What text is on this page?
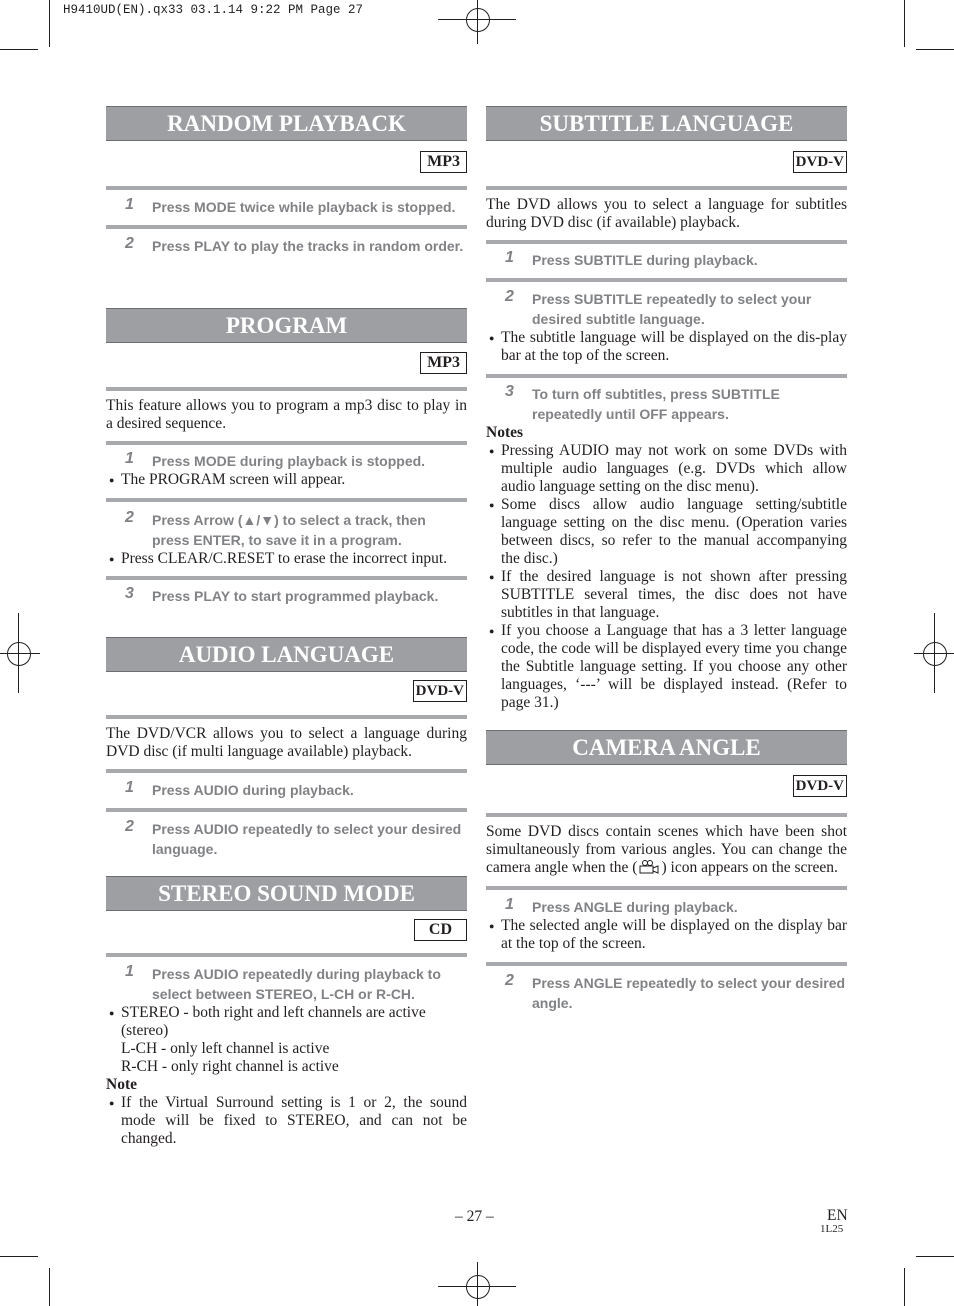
H9410UD(EN).qx33 03.1.14 9:22 PM Page 27
RANDOM PLAYBACK
MP3
1 Press MODE twice while playback is stopped.
2 Press PLAY to play the tracks in random order.
PROGRAM
MP3
This feature allows you to program a mp3 disc to play in a desired sequence.
1 Press MODE during playback is stopped.
● The PROGRAM screen will appear.
2 Press Arrow (▲/▼) to select a track, then press ENTER, to save it in a program.
● Press CLEAR/C.RESET to erase the incorrect input.
3 Press PLAY to start programmed playback.
AUDIO LANGUAGE
DVD-V
The DVD/VCR allows you to select a language during DVD disc (if multi language available) playback.
1 Press AUDIO during playback.
2 Press AUDIO repeatedly to select your desired language.
STEREO SOUND MODE
CD
1 Press AUDIO repeatedly during playback to select between STEREO, L-CH or R-CH.
● STEREO - both right and left channels are active (stereo)
L-CH - only left channel is active
R-CH - only right channel is active
Note
● If the Virtual Surround setting is 1 or 2, the sound mode will be fixed to STEREO, and can not be changed.
SUBTITLE LANGUAGE
DVD-V
The DVD allows you to select a language for subtitles during DVD disc (if available) playback.
1 Press SUBTITLE during playback.
2 Press SUBTITLE repeatedly to select your desired subtitle language.
● The subtitle language will be displayed on the dis-play bar at the top of the screen.
3 To turn off subtitles, press SUBTITLE repeatedly until OFF appears.
Notes
● Pressing AUDIO may not work on some DVDs with multiple audio languages (e.g. DVDs which allow audio language setting on the disc menu).
● Some discs allow audio language setting/subtitle language setting on the disc menu. (Operation varies between discs, so refer to the manual accompanying the disc.)
● If the desired language is not shown after pressing SUBTITLE several times, the disc does not have subtitles in that language.
● If you choose a Language that has a 3 letter language code, the code will be displayed every time you change the Subtitle language setting. If you choose any other languages, ‘---’ will be displayed instead. (Refer to page 31.)
CAMERA ANGLE
DVD-V
Some DVD discs contain scenes which have been shot simultaneously from various angles. You can change the camera angle when the ( ) icon appears on the screen.
1 Press ANGLE during playback.
● The selected angle will be displayed on the display bar at the top of the screen.
2 Press ANGLE repeatedly to select your desired angle.
– 27 –	EN
1L25
